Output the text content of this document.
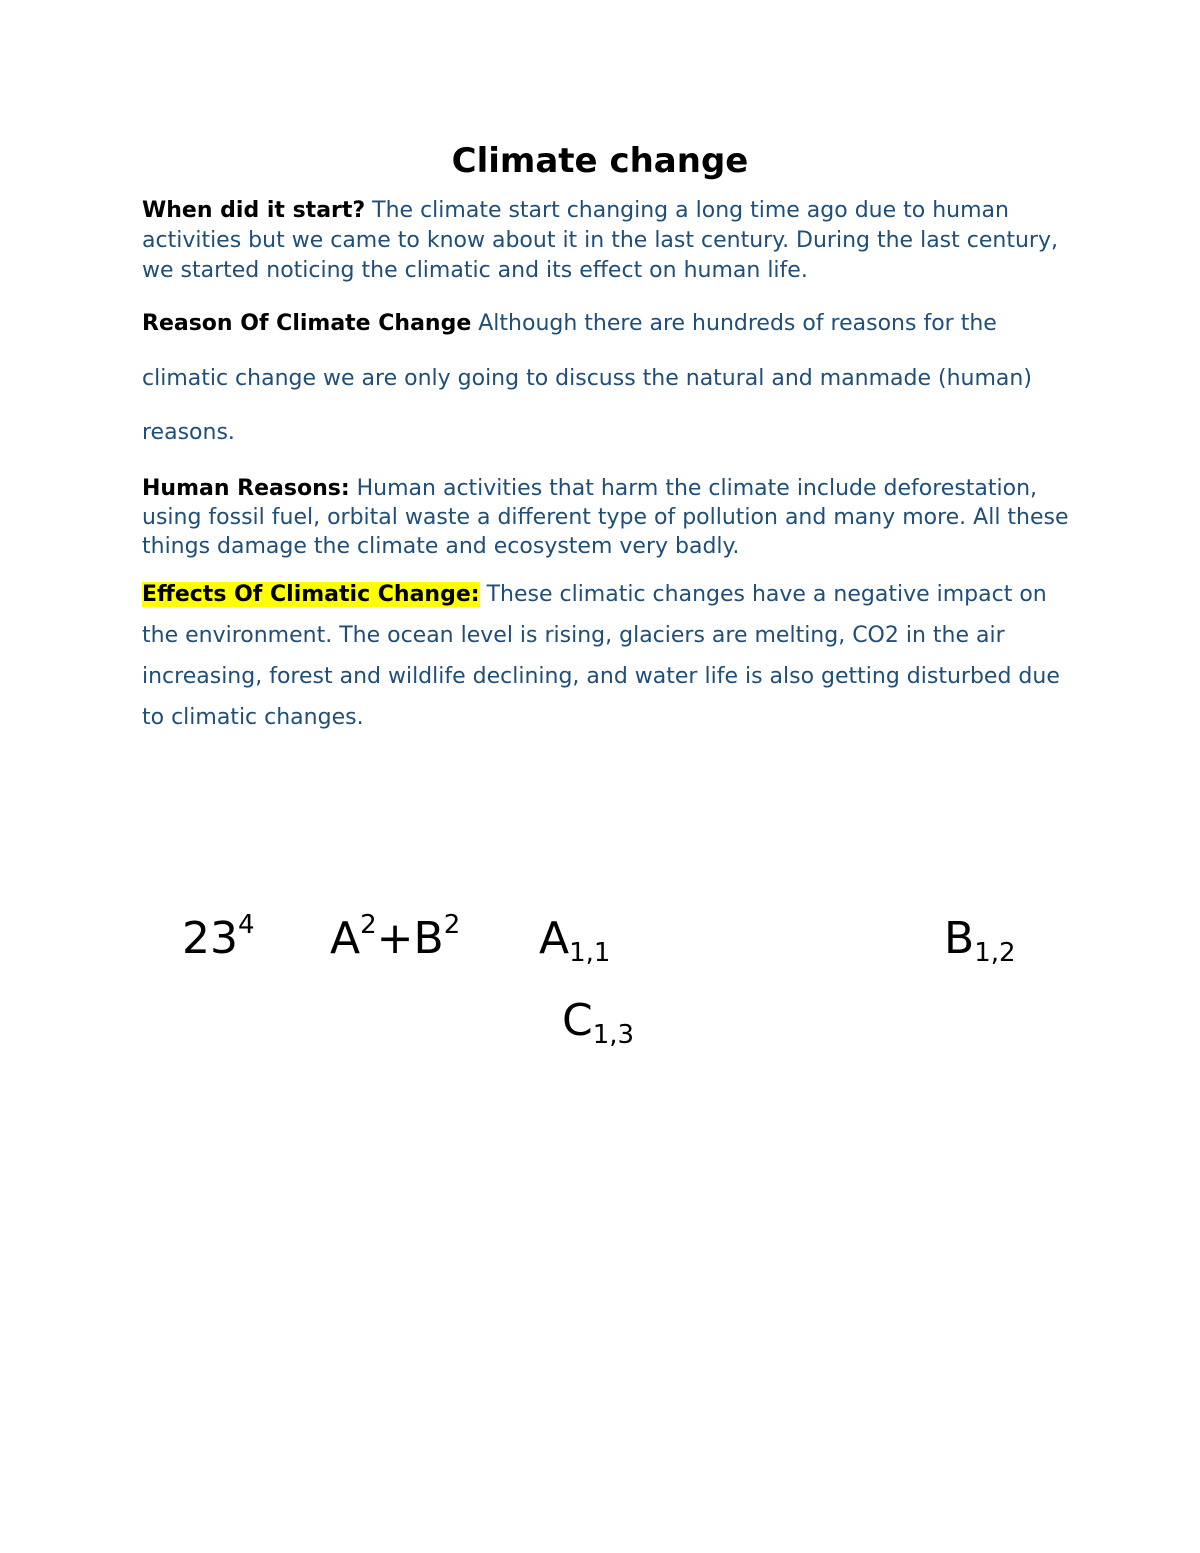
Climate change

When did it start? The climate start changing a long time ago due to human activities but we came to know about it in the last century. During the last century, we started noticing the climatic and its effect on human life.

Reason Of Climate Change Although there are hundreds of reasons for the climatic change we are only going to discuss the natural and manmade (human) reasons.

Human Reasons: Human activities that harm the climate include deforestation, using fossil fuel, orbital waste a different type of pollution and many more. All these things damage the climate and ecosystem very badly.

Effects Of Climatic Change: These climatic changes have a negative impact on the environment. The ocean level is rising, glaciers are melting, CO2 in the air increasing, forest and wildlife declining, and water life is also getting disturbed due to climatic changes.

$23^4$ $A^2+B^2$ $A_{1,1}$	$B_{1,2}$
$C_{1,3}$
